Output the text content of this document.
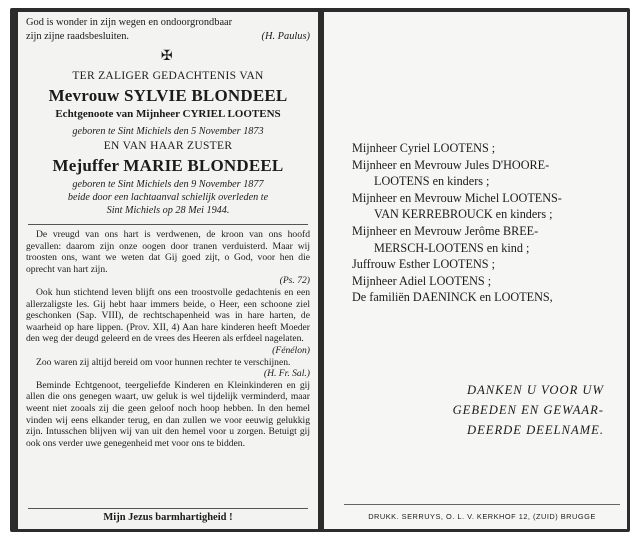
God is wonder in zijn wegen en ondoorgrondbaar
zijn zijne raadsbesluiten.	(H. Paulus)
✠
TER ZALIGER GEDACHTENIS VAN
Mevrouw SYLVIE BLONDEEL
Echtgenoote van Mijnheer CYRIEL LOOTENS
geboren te Sint Michiels den 5 November 1873
EN VAN HAAR ZUSTER
Mejuffer MARIE BLONDEEL
geboren te Sint Michiels den 9 November 1877
beide door een lachtaanval schielijk overleden te
Sint Michiels op 28 Mei 1944.

De vreugd van ons hart is verdwenen, de kroon van ons hoofd gevallen: daarom zijn onze oogen door tranen verduisterd. Maar wij troosten ons, want we weten dat Gij goed zijt, o God, voor hen die oprecht van hart zijn.

(Ps. 72)

Ook hun stichtend leven blijft ons een troostvolle gedachtenis en een allerzaligste les. Gij hebt haar immers beide, o Heer, een schoone ziel geschonken (Sap. VIII), de rechtschapenheid was in hare harten, de waarheid op hare lippen. (Prov. XII, 4) Aan hare kinderen heeft Moeder den weg der deugd geleerd en de vrees des Heeren als erfdeel nagelaten.

(Fénélon)

Zoo waren zij altijd bereid om voor hunnen rechter te verschijnen.

(H. Fr. Sal.)

Beminde Echtgenoot, teergeliefde Kinderen en Kleinkinderen en gij allen die ons genegen waart, uw geluk is wel tijdelijk verminderd, maar weent niet zooals zij die geen geloof noch hoop hebben. In den hemel vinden wij eens elkander terug, en dan zullen we voor eeuwig gelukkig zijn. Intusschen blijven wij van uit den hemel voor u zorgen. Betuigt gij ook ons verder uwe genegenheid met voor ons te bidden.

Mijn Jezus barmhartigheid !
Mijnheer Cyriel LOOTENS ;
Mijnheer en Mevrouw Jules D'HOORE-
LOOTENS en kinders ;
Mijnheer en Mevrouw Michel LOOTENS-
VAN KERREBROUCK en kinders ;
Mijnheer en Mevrouw Jerôme BREE-
MERSCH-LOOTENS en kind ;
Juffrouw Esther LOOTENS ;
Mijnheer Adiel LOOTENS ;
De familiën DAENINCK en LOOTENS,
DANKEN U VOOR UW
GEBEDEN EN GEWAAR-
DEERDE DEELNAME.
DRUKK. SERRUYS, O. L. V. KERKHOF 12, (ZUID) BRUGGE
